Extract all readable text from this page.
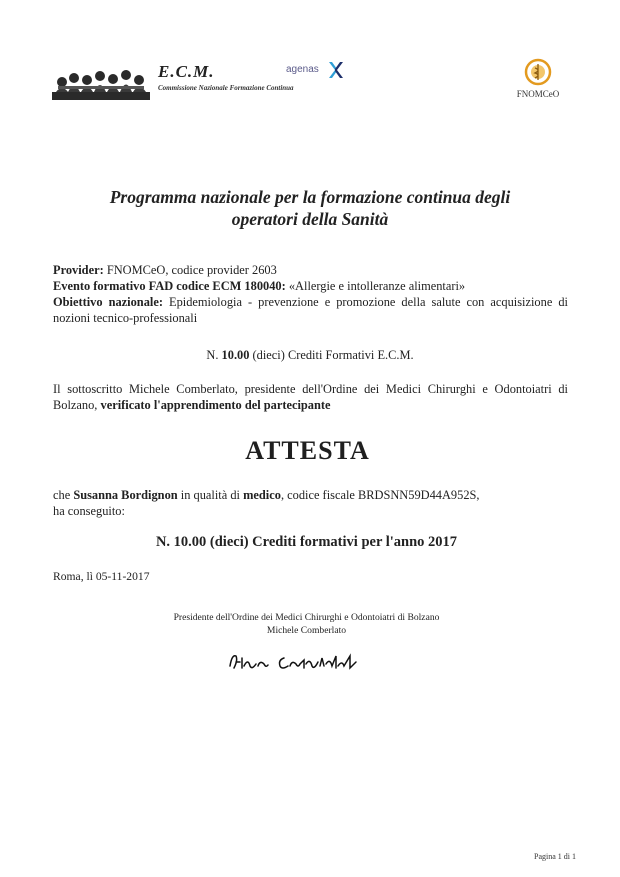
E.C.M.
Commissione Nazionale Formazione Continua
agenas
FNOMCeO
Programma nazionale per la formazione continua degli
operatori della Sanità
Provider: FNOMCeO, codice provider 2603
Evento formativo FAD codice ECM 180040: «Allergie e intolleranze alimentari»
Obiettivo nazionale: Epidemiologia - prevenzione e promozione della salute con acquisizione di nozioni tecnico-professionali
N. 10.00 (dieci) Crediti Formativi E.C.M.
Il sottoscritto Michele Comberlato, presidente dell'Ordine dei Medici Chirurghi e Odontoiatri di Bolzano, verificato l'apprendimento del partecipante
ATTESTA
che Susanna Bordignon in qualità di medico, codice fiscale BRDSNN59D44A952S,
ha conseguito:
N. 10.00 (dieci) Crediti formativi per l'anno 2017
Roma, lì 05-11-2017
Presidente dell'Ordine dei Medici Chirurghi e Odontoiatri di Bolzano
Michele Comberlato
Pagina 1 di 1
